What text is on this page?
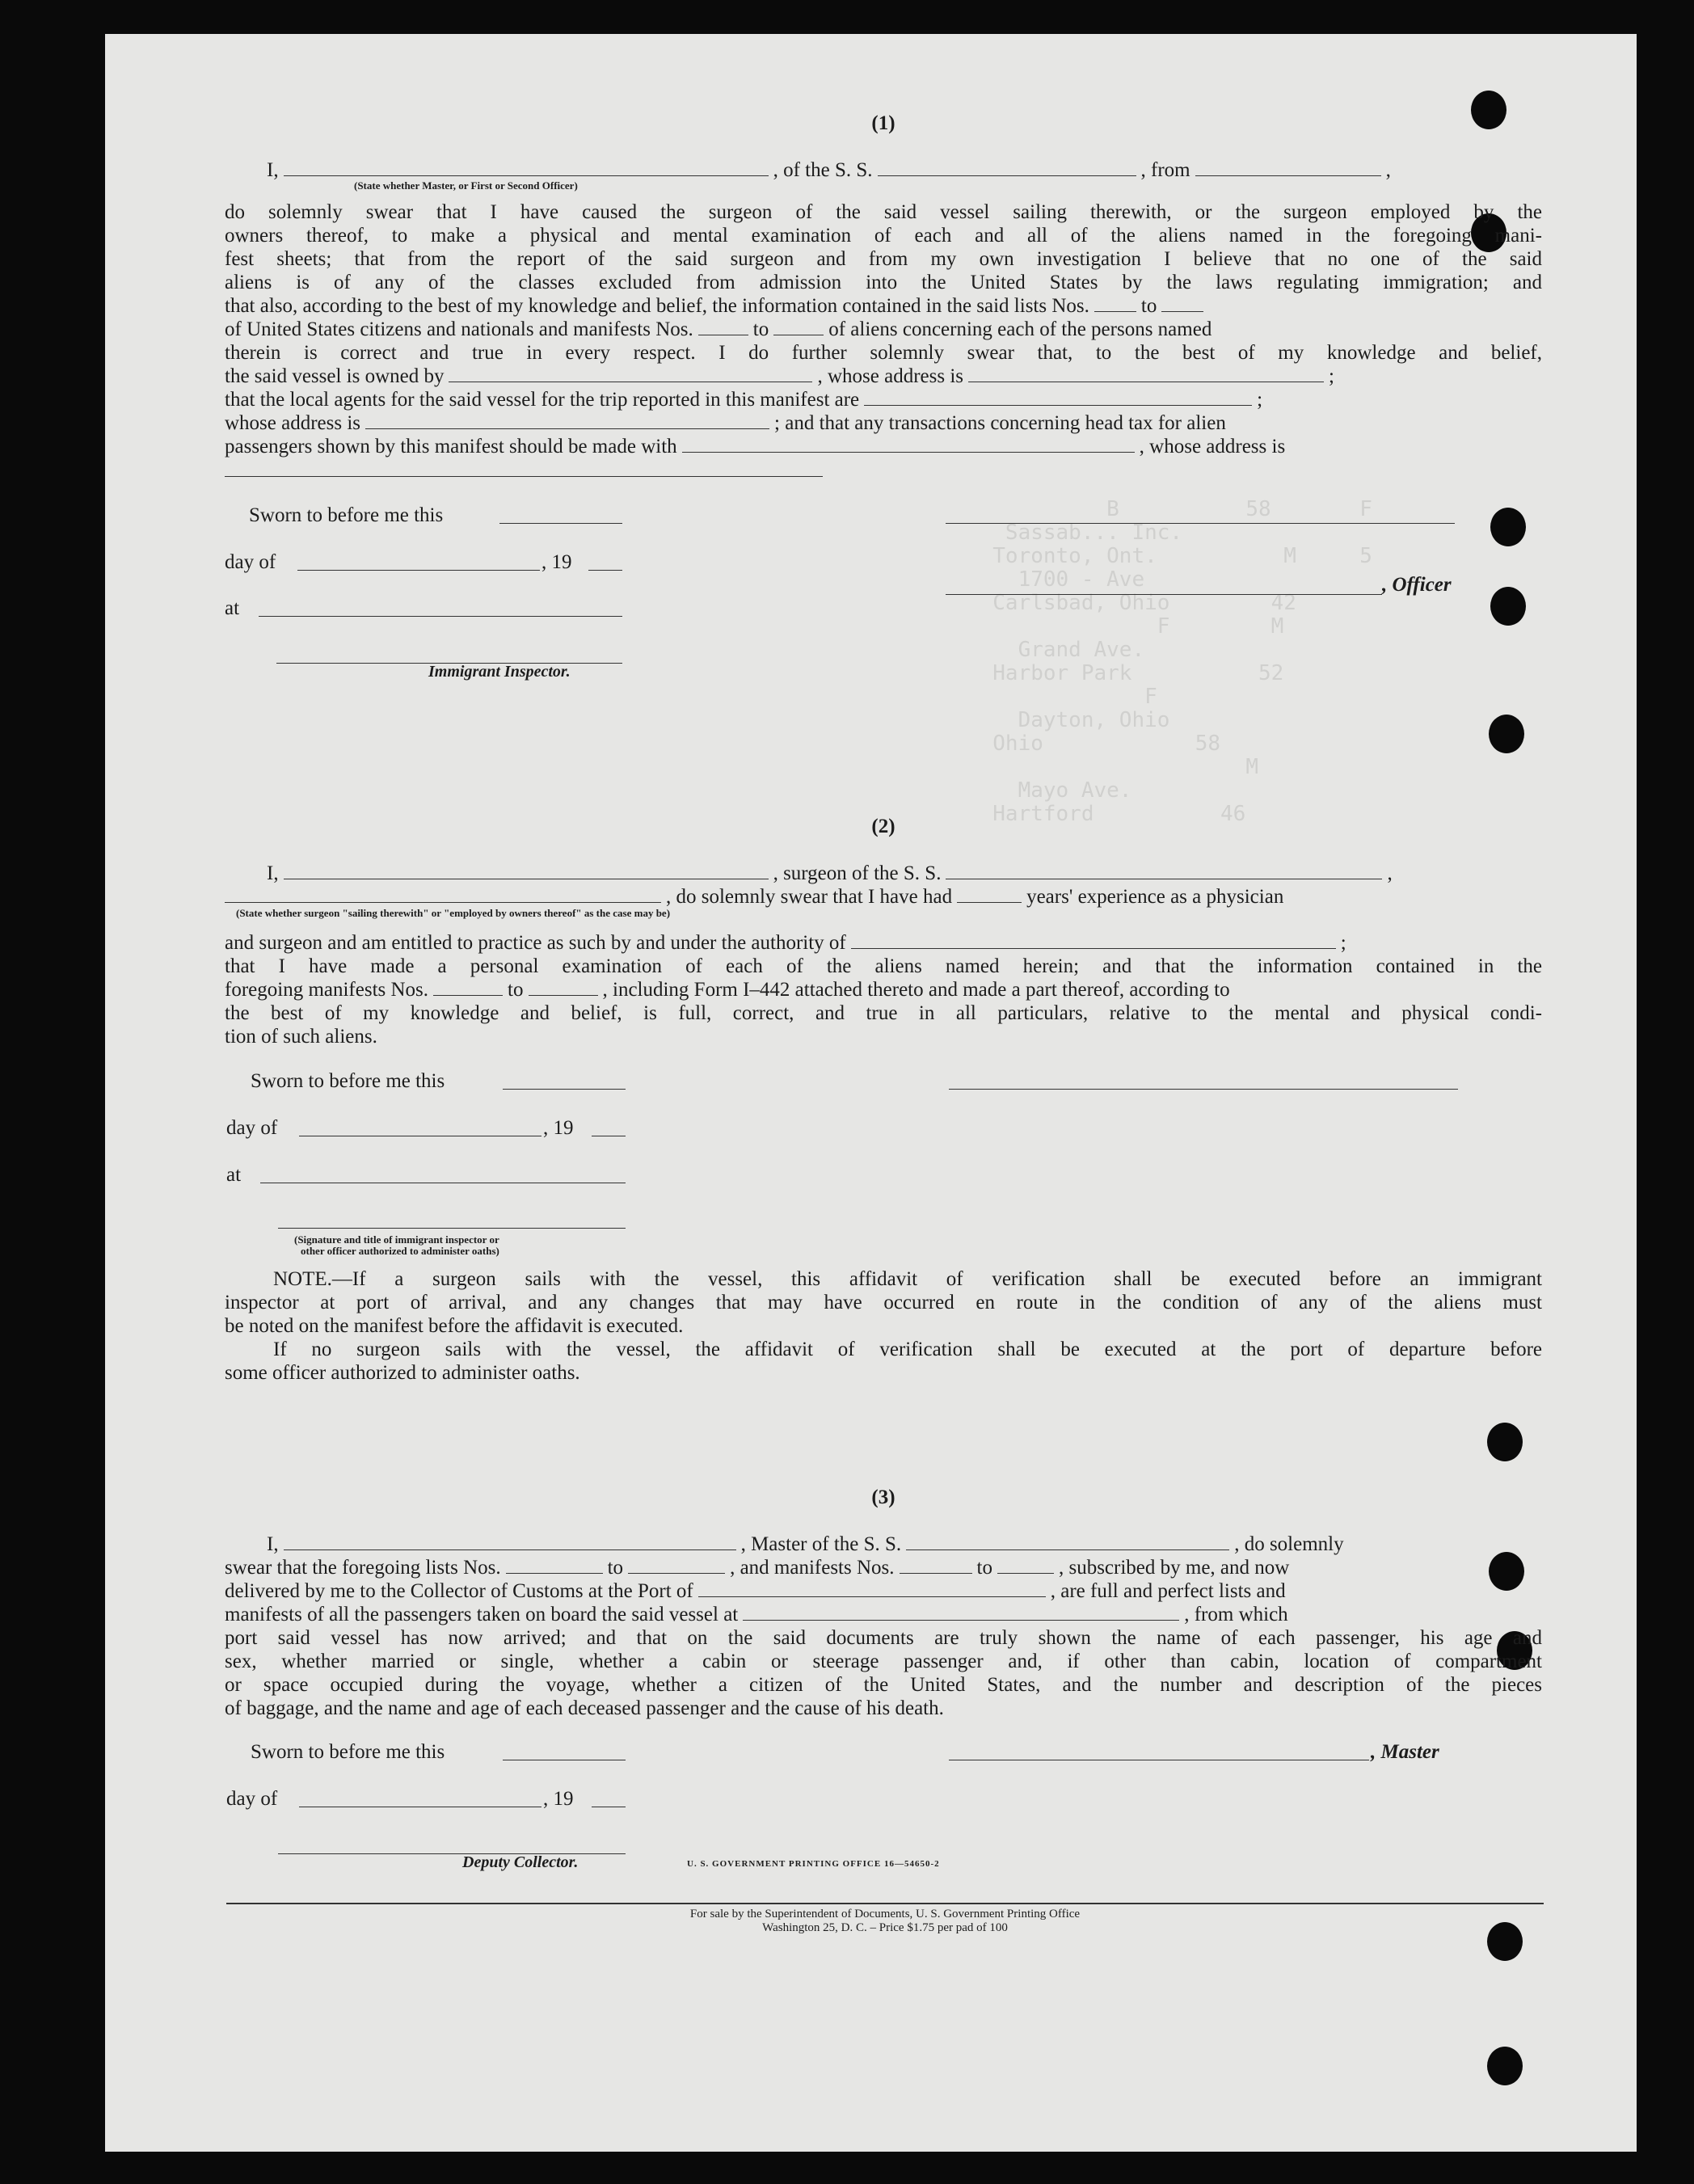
B          58       F
Sassab... Inc.
Toronto, Ont.          M     5
1700 - Ave
Carlsbad, Ohio        42
F        M
Grand Ave.
Harbor Park          52
F
Dayton, Ohio
Ohio            58
M
Mayo Ave.
Hartford          46

(1)
I,	, of the S. S.	, from	,
(State whether Master, or First or Second Officer)
do solemnly swear that I have caused the surgeon of the said vessel sailing therewith, or the surgeon employed by the
owners thereof, to make a physical and mental examination of each and all of the aliens named in the foregoing mani-
fest sheets; that from the report of the said surgeon and from my own investigation I believe that no one of the said
aliens is of any of the classes excluded from admission into the United States by the laws regulating immigration; and
that also, according to the best of my knowledge and belief, the information contained in the said lists Nos.	to
of United States citizens and nationals and manifests Nos.	to	of aliens concerning each of the persons named
therein is correct and true in every respect. I do further solemnly swear that, to the best of my knowledge and belief,
the said vessel is owned by	, whose address is	;
that the local agents for the said vessel for the trip reported in this manifest are	;
whose address is	; and that any transactions concerning head tax for alien
passengers shown by this manifest should be made with	, whose address is
Sworn to before me this
day of	, 19
, Officer
at
Immigrant Inspector.
(2)
I,	, surgeon of the S. S.	,
, do solemnly swear that I have had	years' experience as a physician
(State whether surgeon "sailing therewith" or "employed by owners thereof" as the case may be)
and surgeon and am entitled to practice as such by and under the authority of	;
that I have made a personal examination of each of the aliens named herein; and that the information contained in the
foregoing manifests Nos.	to	, including Form I–442 attached thereto and made a part thereof, according to
the best of my knowledge and belief, is full, correct, and true in all particulars, relative to the mental and physical condi-
tion of such aliens.
Sworn to before me this
day of	, 19
at
(Signature and title of immigrant inspector or
other officer authorized to administer oaths)
NOTE.—If a surgeon sails with the vessel, this affidavit of verification shall be executed before an immigrant
inspector at port of arrival, and any changes that may have occurred en route in the condition of any of the aliens must
be noted on the manifest before the affidavit is executed.
If no surgeon sails with the vessel, the affidavit of verification shall be executed at the port of departure before
some officer authorized to administer oaths.
(3)
I,	, Master of the S. S.	, do solemnly
swear that the foregoing lists Nos.	to	, and manifests Nos.	to	, subscribed by me, and now
delivered by me to the Collector of Customs at the Port of	, are full and perfect lists and
manifests of all the passengers taken on board the said vessel at	, from which
port said vessel has now arrived; and that on the said documents are truly shown the name of each passenger, his age and
sex, whether married or single, whether a cabin or steerage passenger and, if other than cabin, location of compartment
or space occupied during the voyage, whether a citizen of the United States, and the number and description of the pieces
of baggage, and the name and age of each deceased passenger and the cause of his death.
Sworn to before me this	, Master
day of	, 19
Deputy Collector.	U. S. GOVERNMENT PRINTING OFFICE 16—54650-2
For sale by the Superintendent of Documents, U. S. Government Printing Office
Washington 25, D. C. – Price $1.75 per pad of 100
